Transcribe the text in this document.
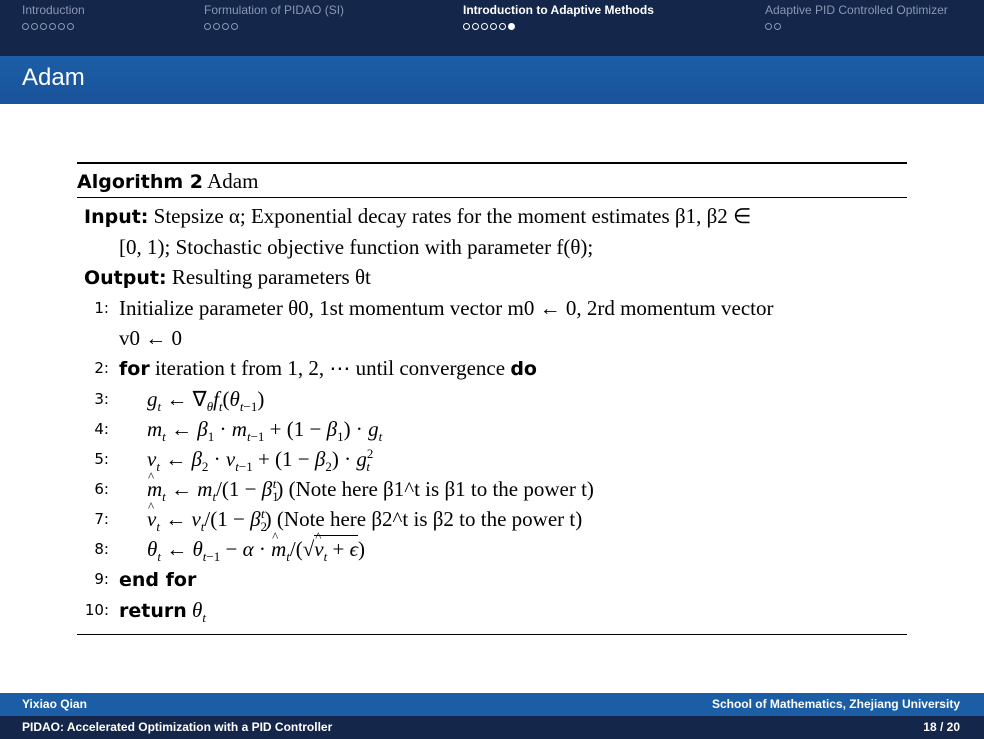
Introduction	Formulation of PIDAO (SI)	Introduction to Adaptive Methods	Adaptive PID Controlled Optimizer
Adam
Algorithm 2 Adam
Input: Stepsize α; Exponential decay rates for the moment estimates β1, β2 ∈
[0, 1); Stochastic objective function with parameter f(θ);
Output: Resulting parameters θt
1: Initialize parameter θ0, 1st momentum vector m0 ← 0, 2rd momentum vector
v0 ← 0
2: for iteration t from 1, 2, ⋯ until convergence do
3: $g_t$ ← $\nabla_\theta f_t(\theta_{t-1})$
4: $m_t$ ← $\beta_1 \cdot m_{t-1} + (1 - \beta_1) \cdot g_t$
5: $v_t$ ← $\beta_2 \cdot v_{t-1} + (1 - \beta_2) \cdot g^2_t$
6: ^ $m_t$ ← $m_t/(1 - \beta_1^t)$ (Note here β1^t is β1 to the power t)
7: ^ $v_t$ ← $v_t/(1 - \beta_2^t)$ (Note here β2^t is β2 to the power t)
8: $\theta_t$ ← $\theta_{t-1} - \alpha$ · ^ $m_t/(√\^{}$ $v_t + \epsilon$)
9: end for
10: return $\theta_t$
Yixiao Qian	School of Mathematics, Zhejiang University
PIDAO: Accelerated Optimization with a PID Controller	18 / 20
